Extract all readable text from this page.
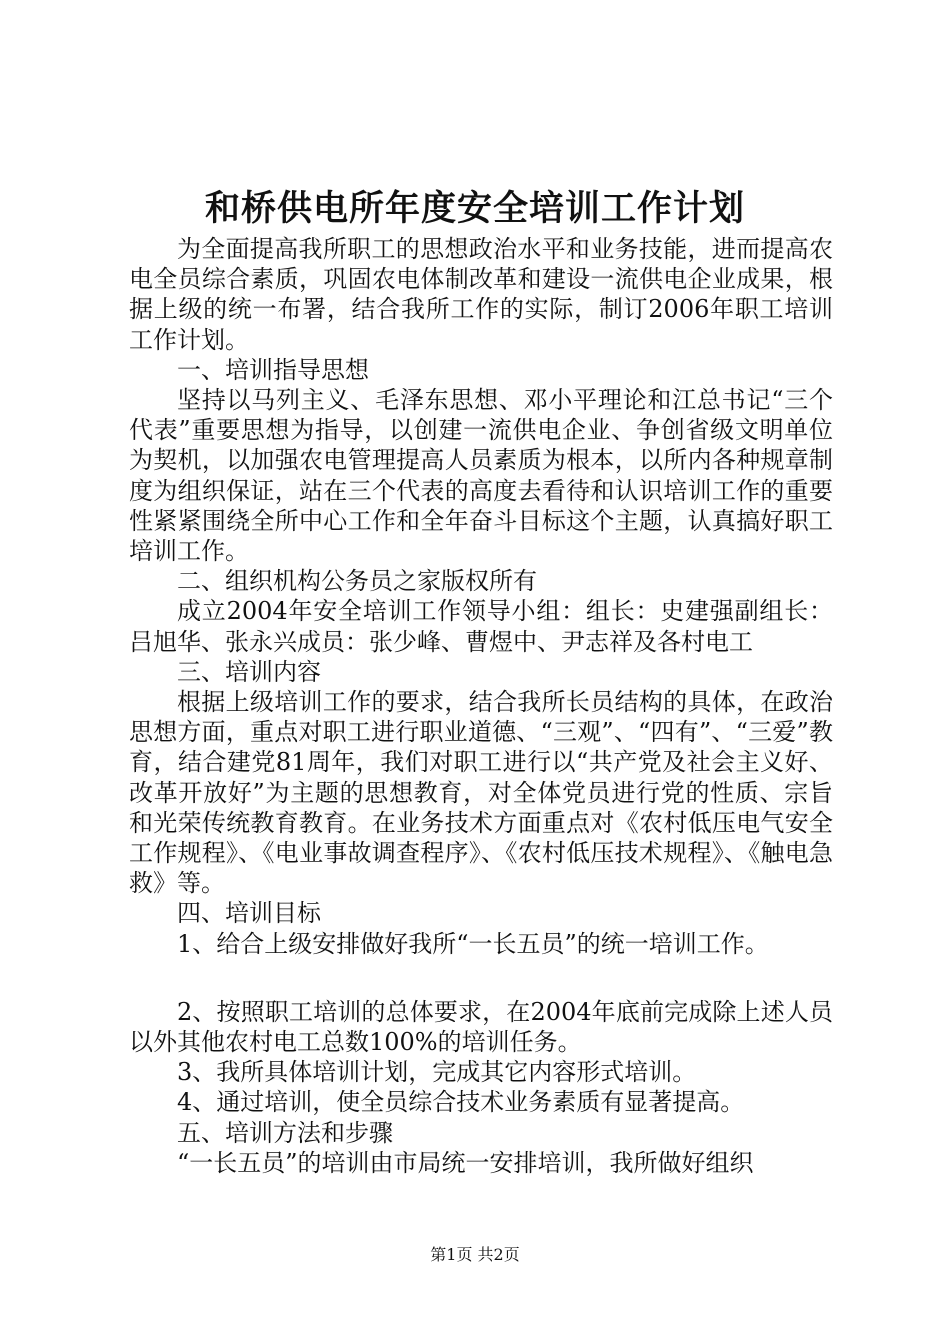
和桥供电所年度安全培训工作计划

为全面提高我所职工的思想政治水平和业务技能，进而提高农电全员综合素质，巩固农电体制改革和建设一流供电企业成果，根据上级的统一布署，结合我所工作的实际，制订2006年职工培训工作计划。

一、培训指导思想

坚持以马列主义、毛泽东思想、邓小平理论和江总书记“三个代表”重要思想为指导，以创建一流供电企业、争创省级文明单位为契机，以加强农电管理提高人员素质为根本，以所内各种规章制度为组织保证，站在三个代表的高度去看待和认识培训工作的重要性紧紧围绕全所中心工作和全年奋斗目标这个主题，认真搞好职工培训工作。

二、组织机构公务员之家版权所有

成立2004年安全培训工作领导小组：组长：史建强副组长：吕旭华、张永兴成员：张少峰、曹煜中、尹志祥及各村电工

三、培训内容

根据上级培训工作的要求，结合我所长员结构的具体，在政治思想方面，重点对职工进行职业道德、“三观”、“四有”、“三爱”教育，结合建党81周年，我们对职工进行以“共产党及社会主义好、改革开放好”为主题的思想教育，对全体党员进行党的性质、宗旨和光荣传统教育教育。在业务技术方面重点对《农村低压电气安全工作规程》、《电业事故调查程序》、《农村低压技术规程》、《触电急救》等。

四、培训目标

1、给合上级安排做好我所“一长五员”的统一培训工作。

2、按照职工培训的总体要求，在2004年底前完成除上述人员以外其他农村电工总数100%的培训任务。

3、我所具体培训计划，完成其它内容形式培训。

4、通过培训，使全员综合技术业务素质有显著提高。

五、培训方法和步骤

“一长五员”的培训由市局统一安排培训，我所做好组织

第1页 共2页
